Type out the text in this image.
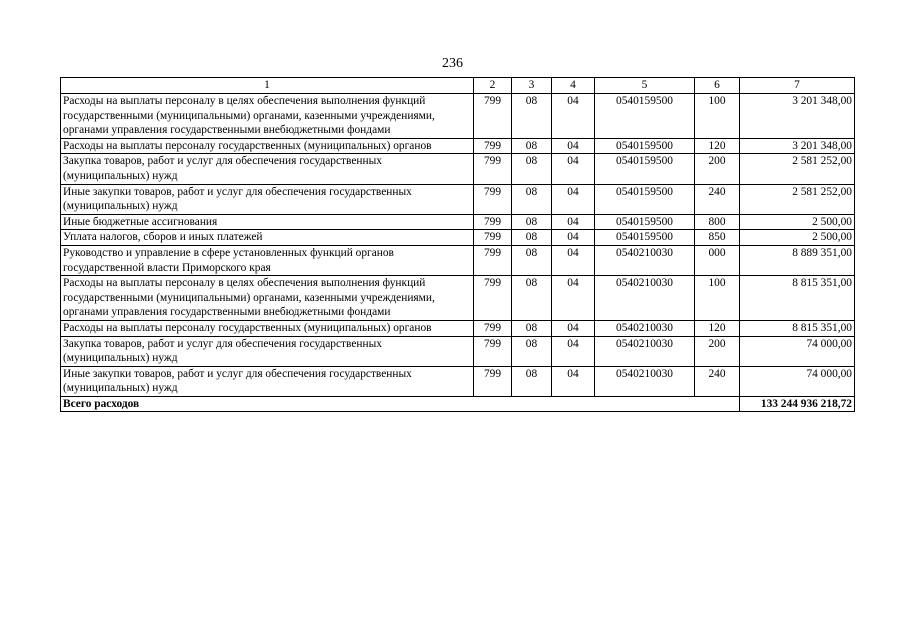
236
1	2	3	4	5	6	7
Расходы на выплаты персоналу в целях обеспечения выполнения функций государственными (муниципальными) органами, казенными учреждениями, органами управления государственными внебюджетными фондами	799	08	04	0540159500	100	3 201 348,00
Расходы на выплаты персоналу государственных (муниципальных) органов	799	08	04	0540159500	120	3 201 348,00
Закупка товаров, работ и услуг для обеспечения государственных (муниципальных) нужд	799	08	04	0540159500	200	2 581 252,00
Иные закупки товаров, работ и услуг для обеспечения государственных (муниципальных) нужд	799	08	04	0540159500	240	2 581 252,00
Иные бюджетные ассигнования	799	08	04	0540159500	800	2 500,00
Уплата налогов, сборов и иных платежей	799	08	04	0540159500	850	2 500,00
Руководство и управление в сфере установленных функций органов государственной власти Приморского края	799	08	04	0540210030	000	8 889 351,00
Расходы на выплаты персоналу в целях обеспечения выполнения функций государственными (муниципальными) органами, казенными учреждениями, органами управления государственными внебюджетными фондами	799	08	04	0540210030	100	8 815 351,00
Расходы на выплаты персоналу государственных (муниципальных) органов	799	08	04	0540210030	120	8 815 351,00
Закупка товаров, работ и услуг для обеспечения государственных (муниципальных) нужд	799	08	04	0540210030	200	74 000,00
Иные закупки товаров, работ и услуг для обеспечения государственных (муниципальных) нужд	799	08	04	0540210030	240	74 000,00
Всего расходов						133 244 936 218,72
